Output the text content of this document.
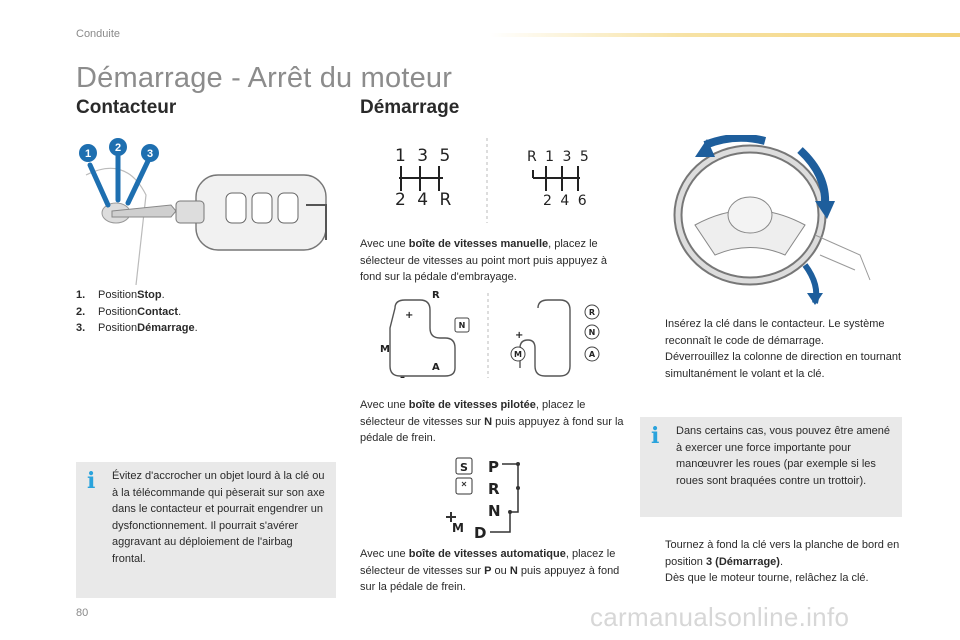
Conduite
Démarrage - Arrêt du moteur
Contacteur	Démarrage
1 2 3
1.	Position Stop .
2.	Position Contact .
3.	Position Démarrage .
i Évitez d'accrocher un objet lourd à la clé ou à la télécommande qui pèserait sur son axe dans le contacteur et pourrait engendrer un dysfonctionnement. Il pourrait s'avérer aggravant au déploiement de l'airbag frontal.
1 3 5
2 4 R
R 1 3 5
2 4 6
Avec une boîte de vitesses manuelle, placez le sélecteur de vitesses au point mort puis appuyez à fond sur la pédale d'embrayage.
+
M
–
R
A
+
N
R
N
A
M
Avec une boîte de vitesses pilotée, placez le sélecteur de vitesses sur N puis appuyez à fond sur la pédale de frein.
S P
R
N
D
M
Avec une boîte de vitesses automatique, placez le sélecteur de vitesses sur P ou N puis appuyez à fond sur la pédale de frein.
Insérez la clé dans le contacteur. Le système reconnaît le code de démarrage.
Déverrouillez la colonne de direction en tournant simultanément le volant et la clé.
i Dans certains cas, vous pouvez être amené à exercer une force importante pour manœuvrer les roues (par exemple si les roues sont braquées contre un trottoir).
Tournez à fond la clé vers la planche de bord en position 3 (Démarrage).
Dès que le moteur tourne, relâchez la clé.
80	carmanualsonline.info
